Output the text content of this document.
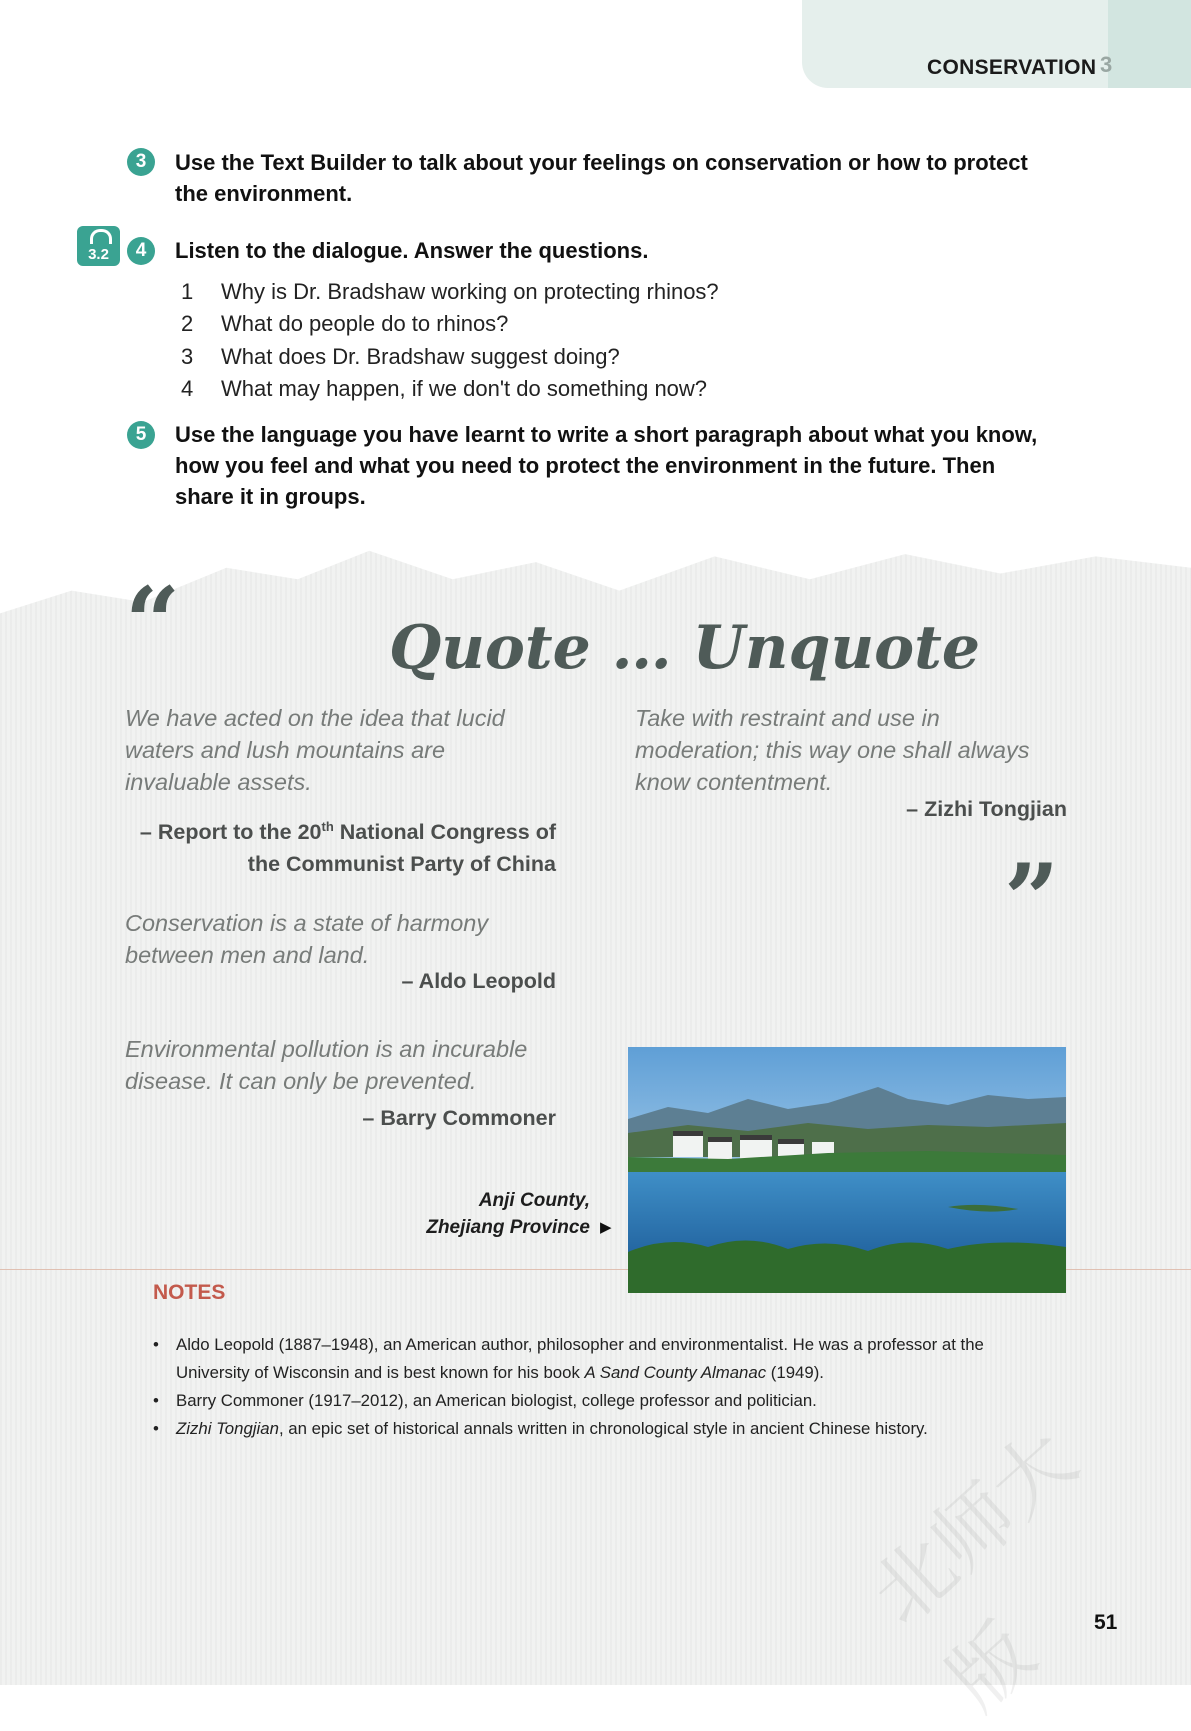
CONSERVATION 3
3	Use the Text Builder to talk about your feelings on conservation or how to protect
the environment.
3.2	4	Listen to the dialogue. Answer the questions.
1 Why is Dr. Bradshaw working on protecting rhinos?
2 What do people do to rhinos?
3 What does Dr. Bradshaw suggest doing?
4 What may happen, if we don't do something now?
5	Use the language you have learnt to write a short paragraph about what you know,
how you feel and what you need to protect the environment in the future. Then
share it in groups.
“	Quote … Unquote
We have acted on the idea that lucid
waters and lush mountains are
invaluable assets.
– Report to the 20th National Congress of
the Communist Party of China
Take with restraint and use in
moderation; this way one shall always
know contentment.
– Zizhi Tongjian
”
Conservation is a state of harmony
between men and land.
– Aldo Leopold
Environmental pollution is an incurable
disease. It can only be prevented.
– Barry Commoner
Anji County,
Zhejiang Province ▶
NOTES
• Aldo Leopold (1887–1948), an American author, philosopher and environmentalist. He was a professor at the University of Wisconsin and is best known for his book A Sand County Almanac (1949).
• Barry Commoner (1917–2012), an American biologist, college professor and politician.
• Zizhi Tongjian, an epic set of historical annals written in chronological style in ancient Chinese history.
北师大版	51
